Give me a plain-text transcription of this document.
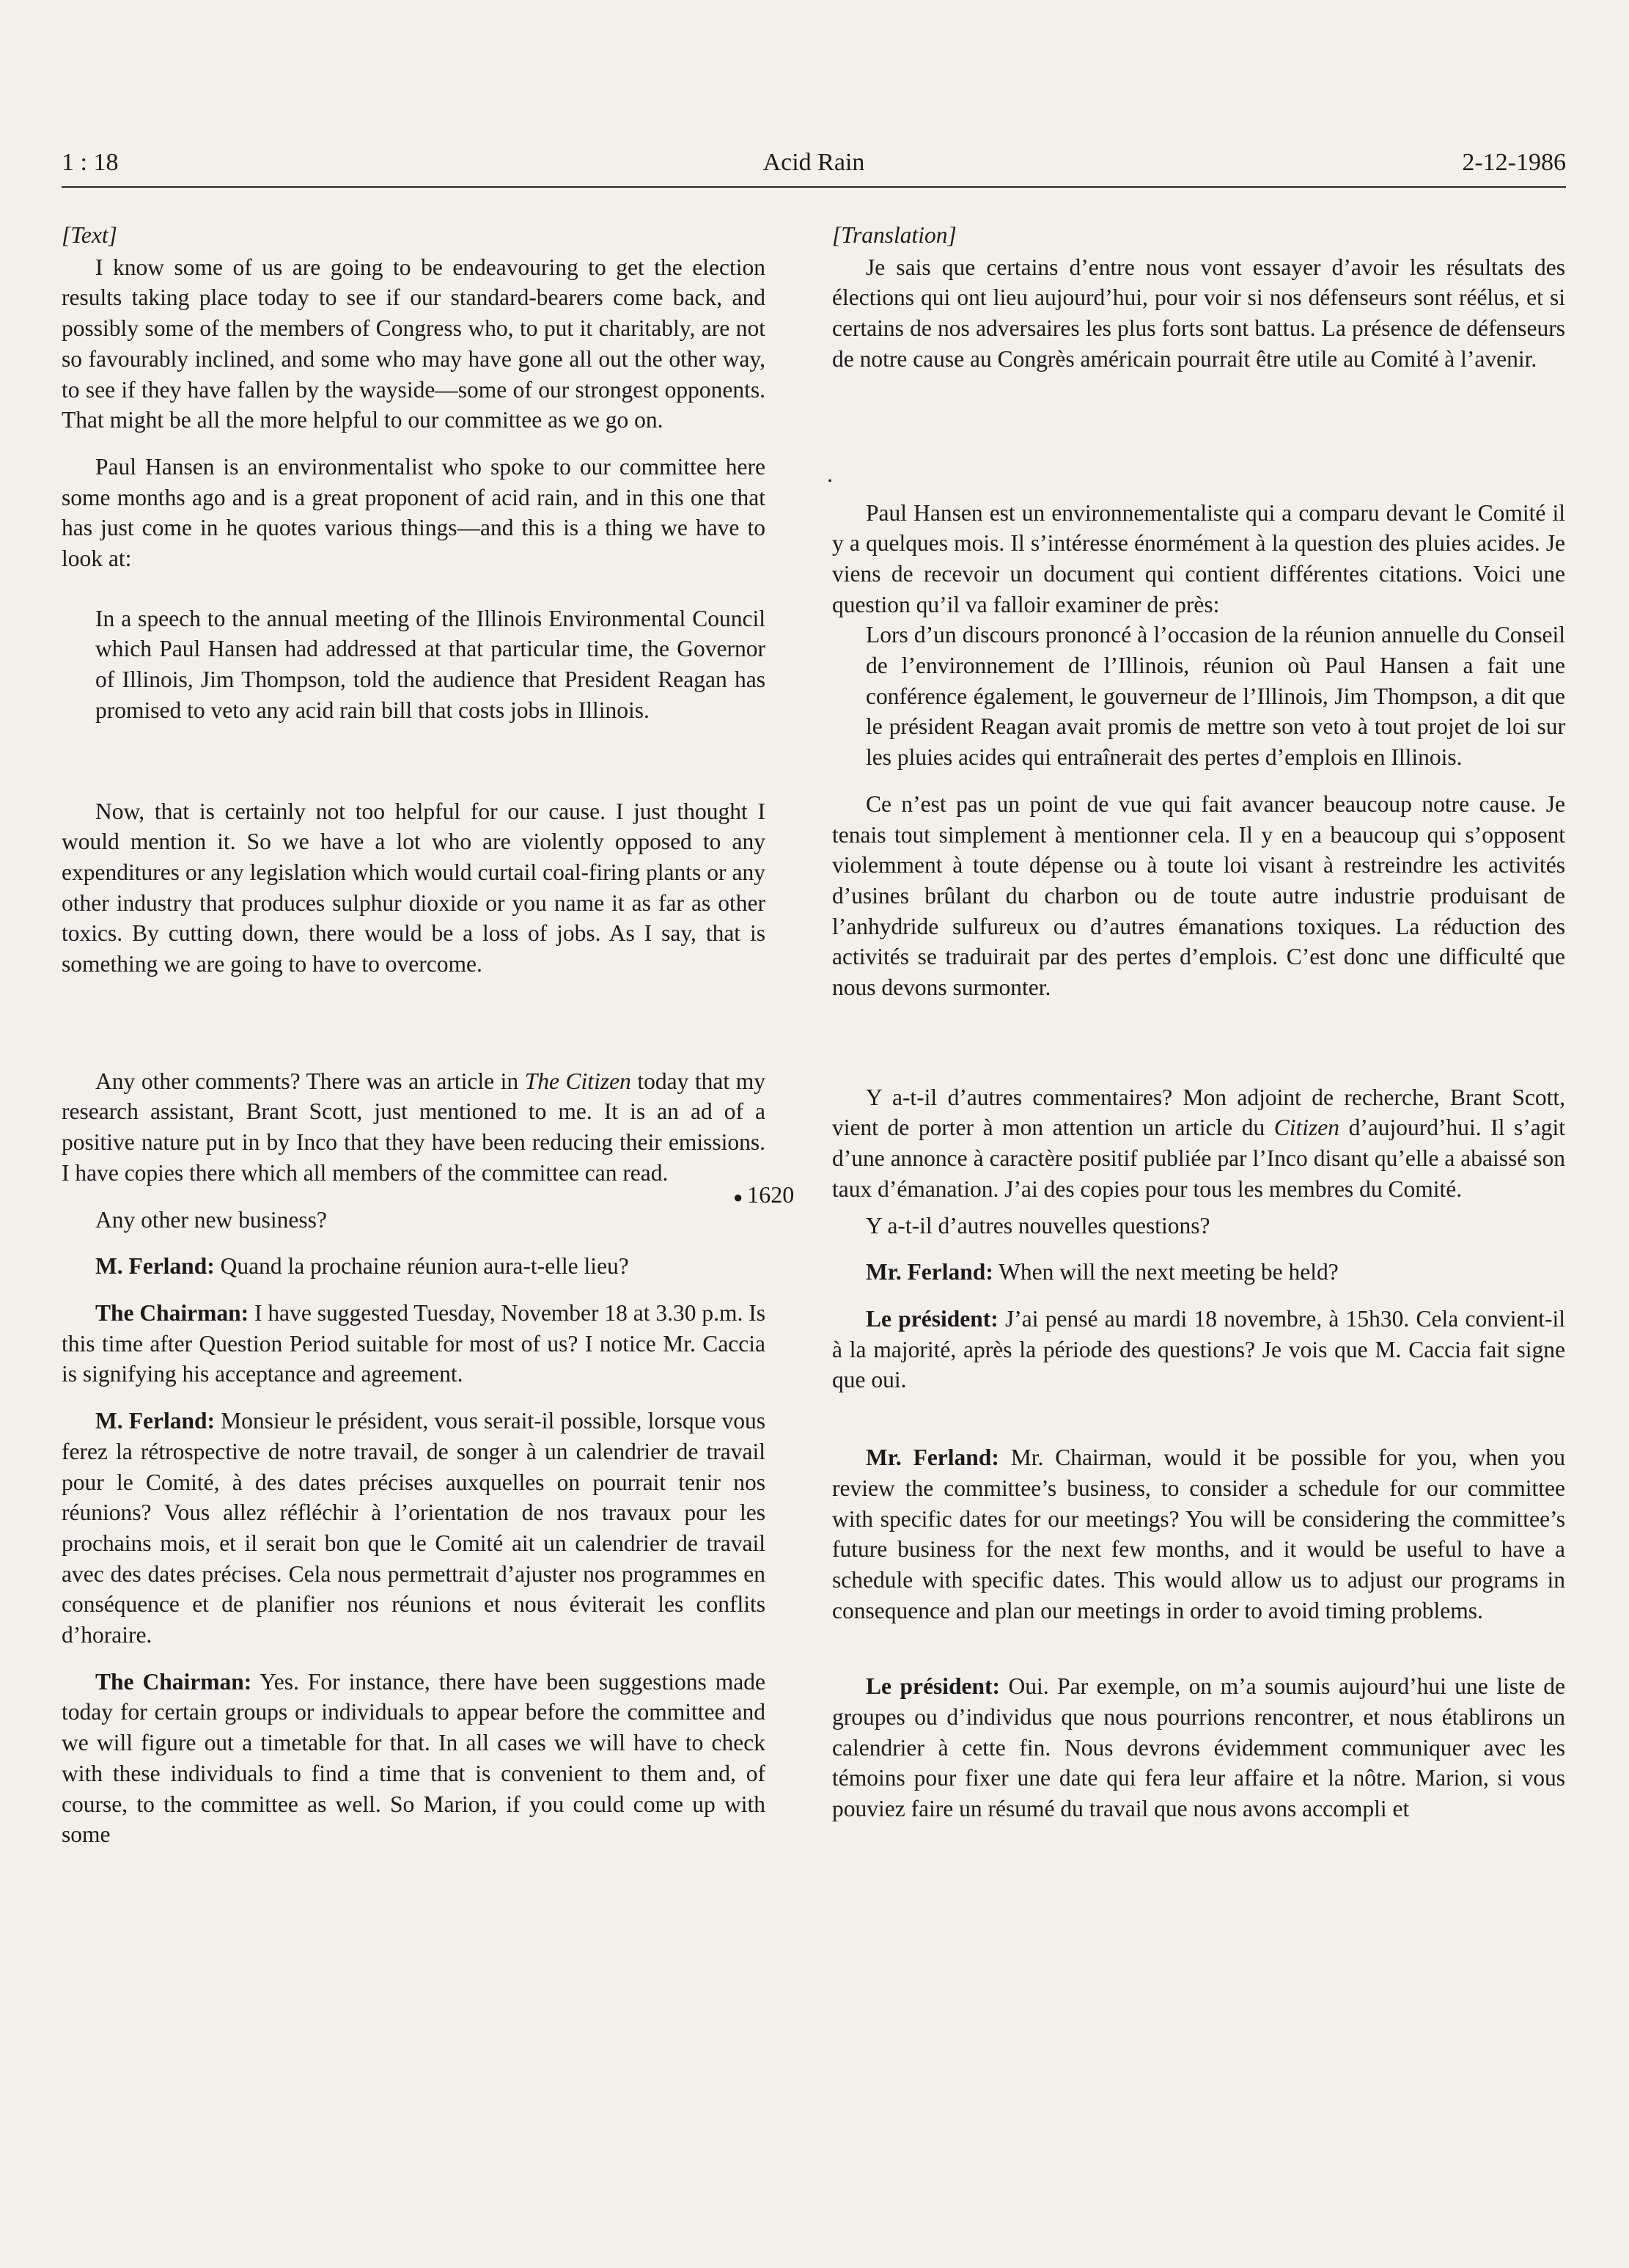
1 : 18	Acid Rain	2-12-1986

[Text]

I know some of us are going to be endeavouring to get the election results taking place today to see if our standard-bearers come back, and possibly some of the members of Congress who, to put it charitably, are not so favourably inclined, and some who may have gone all out the other way, to see if they have fallen by the wayside—some of our strongest opponents. That might be all the more helpful to our committee as we go on.

Paul Hansen is an environmentalist who spoke to our committee here some months ago and is a great proponent of acid rain, and in this one that has just come in he quotes various things—and this is a thing we have to look at:

In a speech to the annual meeting of the Illinois Environmental Council which Paul Hansen had addressed at that particular time, the Governor of Illinois, Jim Thompson, told the audience that President Reagan has promised to veto any acid rain bill that costs jobs in Illinois.

Now, that is certainly not too helpful for our cause. I just thought I would mention it. So we have a lot who are violently opposed to any expenditures or any legislation which would curtail coal-firing plants or any other industry that produces sulphur dioxide or you name it as far as other toxics. By cutting down, there would be a loss of jobs. As I say, that is something we are going to have to overcome.

Any other comments? There was an article in The Citizen today that my research assistant, Brant Scott, just mentioned to me. It is an ad of a positive nature put in by Inco that they have been reducing their emissions. I have copies there which all members of the committee can read.

Any other new business?

M. Ferland: Quand la prochaine réunion aura-t-elle lieu?

The Chairman: I have suggested Tuesday, November 18 at 3.30 p.m. Is this time after Question Period suitable for most of us? I notice Mr. Caccia is signifying his acceptance and agreement.

M. Ferland: Monsieur le président, vous serait-il possible, lorsque vous ferez la rétrospective de notre travail, de songer à un calendrier de travail pour le Comité, à des dates précises auxquelles on pourrait tenir nos réunions? Vous allez réfléchir à l’orientation de nos travaux pour les prochains mois, et il serait bon que le Comité ait un calendrier de travail avec des dates précises. Cela nous permettrait d’ajuster nos programmes en conséquence et de planifier nos réunions et nous éviterait les conflits d’horaire.

The Chairman: Yes. For instance, there have been suggestions made today for certain groups or individuals to appear before the committee and we will figure out a timetable for that. In all cases we will have to check with these individuals to find a time that is convenient to them and, of course, to the committee as well. So Marion, if you could come up with some

● 1620

[Translation]

Je sais que certains d’entre nous vont essayer d’avoir les résultats des élections qui ont lieu aujourd’hui, pour voir si nos défenseurs sont réélus, et si certains de nos adversaires les plus forts sont battus. La présence de défenseurs de notre cause au Congrès américain pourrait être utile au Comité à l’avenir.

Paul Hansen est un environnementaliste qui a comparu devant le Comité il y a quelques mois. Il s’intéresse énormément à la question des pluies acides. Je viens de recevoir un document qui contient différentes citations. Voici une question qu’il va falloir examiner de près:

Lors d’un discours prononcé à l’occasion de la réunion annuelle du Conseil de l’environnement de l’Illinois, réunion où Paul Hansen a fait une conférence également, le gouverneur de l’Illinois, Jim Thompson, a dit que le président Reagan avait promis de mettre son veto à tout projet de loi sur les pluies acides qui entraînerait des pertes d’emplois en Illinois.

Ce n’est pas un point de vue qui fait avancer beaucoup notre cause. Je tenais tout simplement à mentionner cela. Il y en a beaucoup qui s’opposent violemment à toute dépense ou à toute loi visant à restreindre les activités d’usines brûlant du charbon ou de toute autre industrie produisant de l’anhydride sulfureux ou d’autres émanations toxiques. La réduction des activités se traduirait par des pertes d’emplois. C’est donc une difficulté que nous devons surmonter.

Y a-t-il d’autres commentaires? Mon adjoint de recherche, Brant Scott, vient de porter à mon attention un article du Citizen d’aujourd’hui. Il s’agit d’une annonce à caractère positif publiée par l’Inco disant qu’elle a abaissé son taux d’émanation. J’ai des copies pour tous les membres du Comité.

Y a-t-il d’autres nouvelles questions?

Mr. Ferland: When will the next meeting be held?

Le président: J’ai pensé au mardi 18 novembre, à 15h30. Cela convient-il à la majorité, après la période des questions? Je vois que M. Caccia fait signe que oui.

Mr. Ferland: Mr. Chairman, would it be possible for you, when you review the committee’s business, to consider a schedule for our committee with specific dates for our meetings? You will be considering the committee’s future business for the next few months, and it would be useful to have a schedule with specific dates. This would allow us to adjust our programs in consequence and plan our meetings in order to avoid timing problems.

Le président: Oui. Par exemple, on m’a soumis aujourd’hui une liste de groupes ou d’individus que nous pourrions rencontrer, et nous établirons un calendrier à cette fin. Nous devrons évidemment communiquer avec les témoins pour fixer une date qui fera leur affaire et la nôtre. Marion, si vous pouviez faire un résumé du travail que nous avons accompli et

.
